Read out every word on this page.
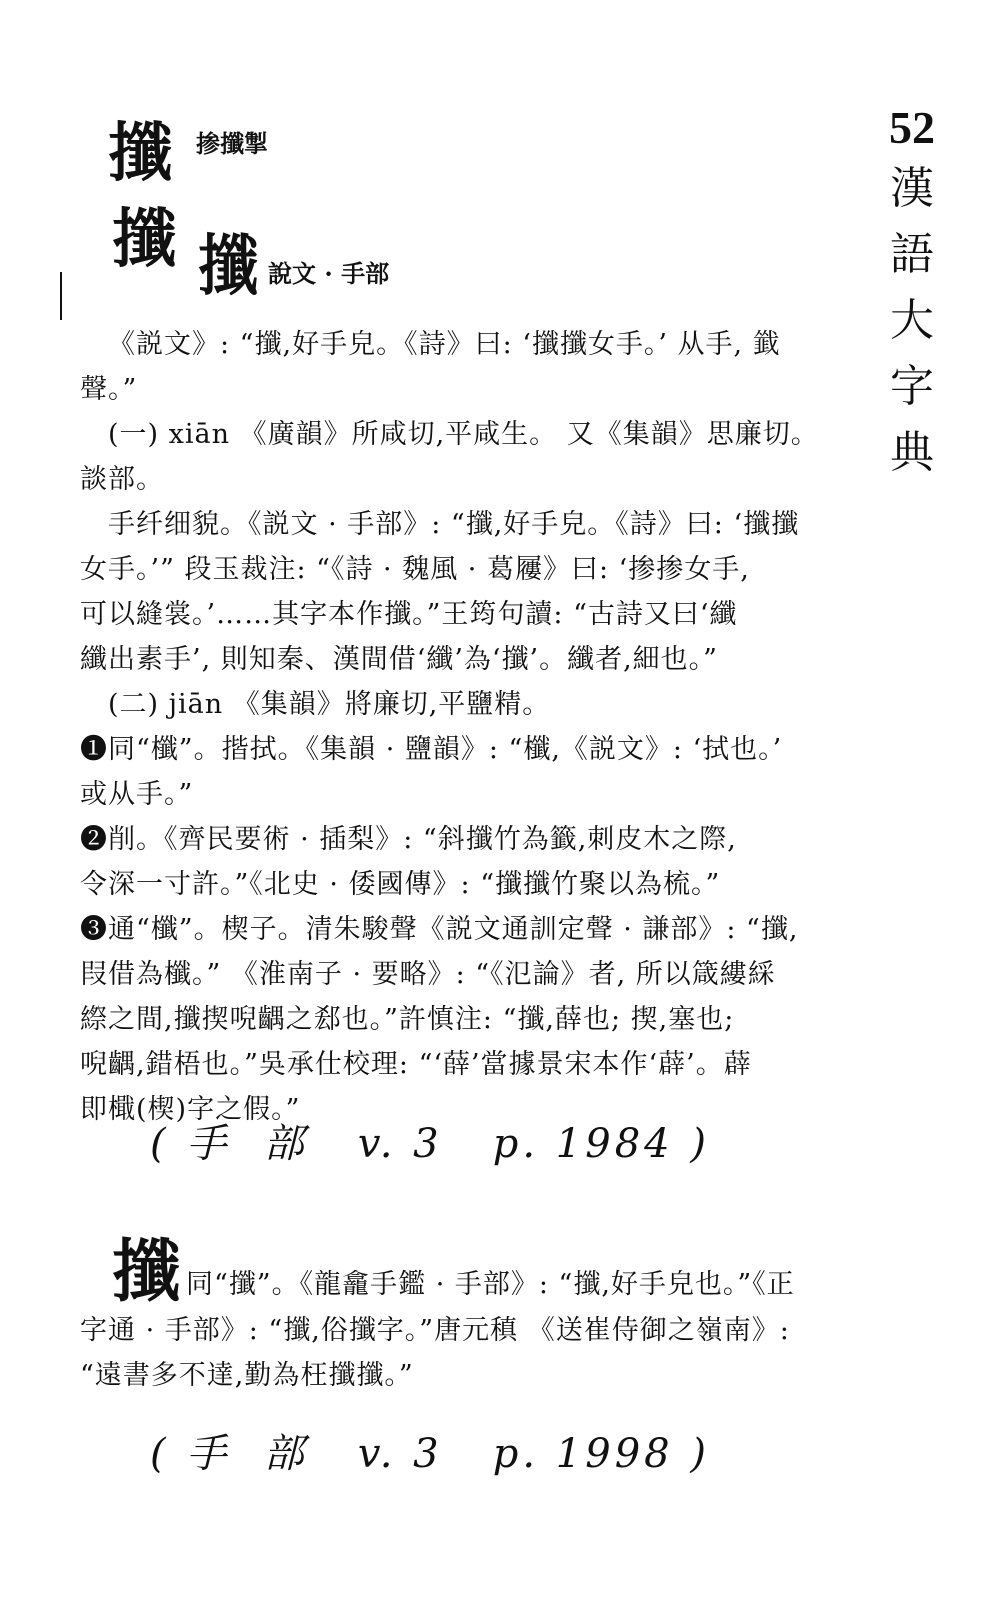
52
漢
語
大
字
典
攕 掺攕掣
攕 攕 說文 · 手部
《説文》: “攕,好手皃。《詩》曰: ‘攕攕女手。’ 从手, 韱
聲。”
(一) xiān 《廣韻》所咸切,平咸生。 又《集韻》思廉切。
談部。
手纤细貌。《説文 · 手部》: “攕,好手皃。《詩》曰: ‘攕攕
女手。’” 段玉裁注: “《詩 · 魏風 · 葛屨》曰: ‘掺掺女手,
可以縫裳。’……其字本作攕。”王筠句讀: “古詩又曰‘纖
纖出素手’, 則知秦、漢間借‘纖’為‘攕’。纖者,細也。”
(二) jiān 《集韻》將廉切,平鹽精。
❶同“櫼”。揩拭。《集韻 · 鹽韻》: “櫼,《説文》: ‘拭也。’
或从手。”
❷削。《齊民要術 · 插梨》: “斜攕竹為籤,刺皮木之際,
令深一寸許。”《北史 · 倭國傳》: “攕攕竹聚以為梳。”
❸通“櫼”。楔子。清朱駿聲《説文通訓定聲 · 謙部》: “攕,
叚借為櫼。” 《淮南子 · 要略》: “《氾論》者, 所以箴縷綵
縩之間,攕揳唲齵之郄也。”許慎注: “攕,薛也; 揳,塞也;
唲齵,錯梧也。”吳承仕校理: “‘薛’當據景宋本作‘薜’。薜
即檝(楔)字之假。”
( 手  部   v. 3   p. 1984 )
攕 同“攕”。《龍龕手鑑 · 手部》: “攕,好手皃也。”《正
字通 · 手部》: “攕,俗攕字。”唐元稹 《送崔侍御之嶺南》:
“遠書多不達,勤為枉攕攕。”
( 手  部   v. 3   p. 1998 )
